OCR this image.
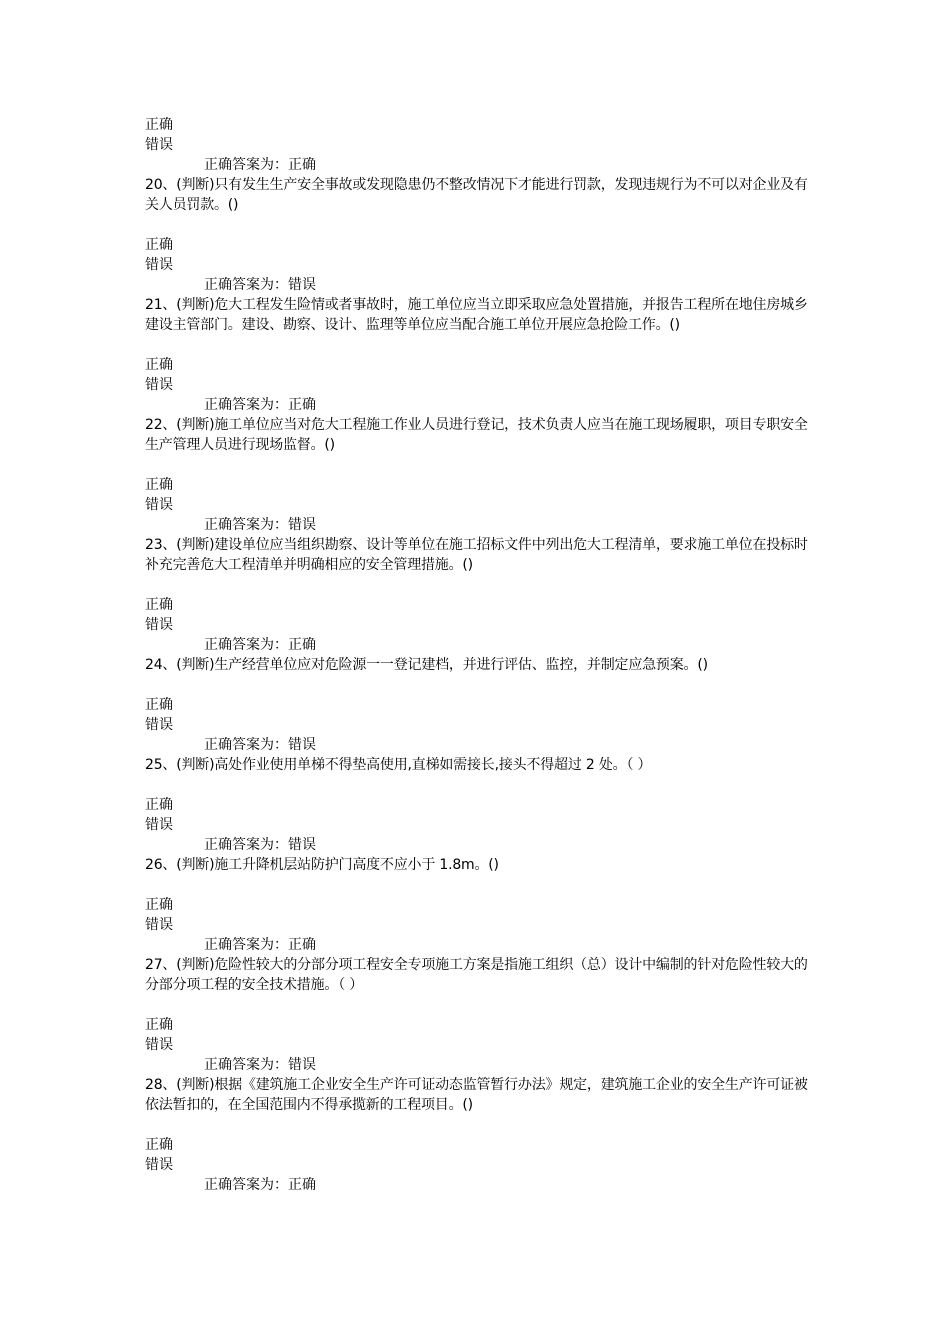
正确
错误
正确答案为：正确
20、(判断)只有发生生产安全事故或发现隐患仍不整改情况下才能进行罚款，发现违规行为不可以对企业及有关人员罚款。()
正确
错误
正确答案为：错误
21、(判断)危大工程发生险情或者事故时，施工单位应当立即采取应急处置措施，并报告工程所在地住房城乡建设主管部门。建设、勘察、设计、监理等单位应当配合施工单位开展应急抢险工作。()
正确
错误
正确答案为：正确
22、(判断)施工单位应当对危大工程施工作业人员进行登记，技术负责人应当在施工现场履职，项目专职安全生产管理人员进行现场监督。()
正确
错误
正确答案为：错误
23、(判断)建设单位应当组织勘察、设计等单位在施工招标文件中列出危大工程清单，要求施工单位在投标时补充完善危大工程清单并明确相应的安全管理措施。()
正确
错误
正确答案为：正确
24、(判断)生产经营单位应对危险源一一登记建档，并进行评估、监控，并制定应急预案。()
正确
错误
正确答案为：错误
25、(判断)高处作业使用单梯不得垫高使用,直梯如需接长,接头不得超过 2 处。（ ）
正确
错误
正确答案为：错误
26、(判断)施工升降机层站防护门高度不应小于 1.8m。()
正确
错误
正确答案为：正确
27、(判断)危险性较大的分部分项工程安全专项施工方案是指施工组织（总）设计中编制的针对危险性较大的分部分项工程的安全技术措施。（ ）
正确
错误
正确答案为：错误
28、(判断)根据《建筑施工企业安全生产许可证动态监管暂行办法》规定，建筑施工企业的安全生产许可证被依法暂扣的，在全国范围内不得承揽新的工程项目。()
正确
错误
正确答案为：正确
